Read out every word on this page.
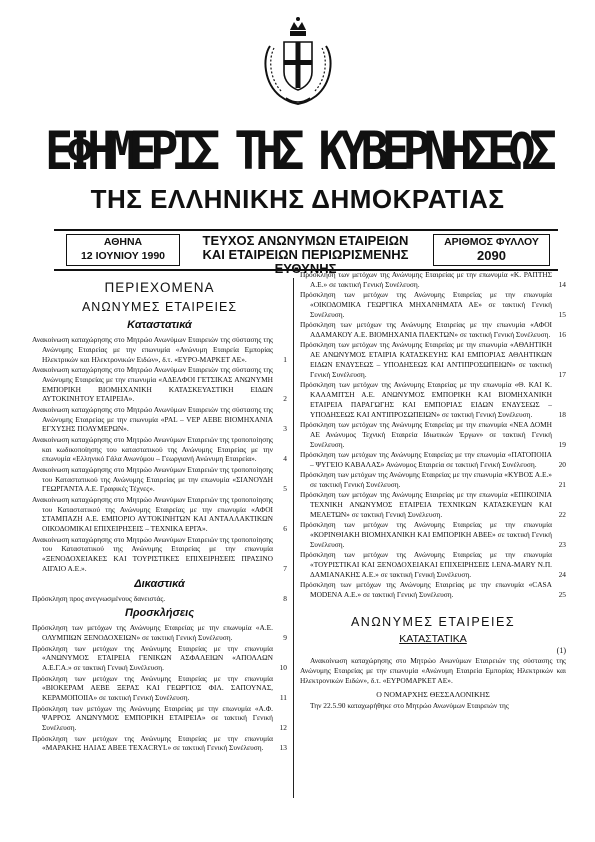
ΕΦΗΜΕΡΙΣ ΤΗΣ ΚΥΒΕΡΝΗΣΕΩΣ
ΤΗΣ ΕΛΛΗΝΙΚΗΣ ΔΗΜΟΚΡΑΤΙΑΣ
ΑΘΗΝΑ
12 ΙΟΥΝΙΟΥ 1990
ΤΕΥΧΟΣ ΑΝΩΝΥΜΩΝ ΕΤΑΙΡΕΙΩΝ
ΚΑΙ ΕΤΑΙΡΕΙΩΝ ΠΕΡΙΩΡΙΣΜΕΝΗΣ ΕΥΘΥΝΗΣ
ΑΡΙΘΜΟΣ ΦΥΛΛΟΥ
2090
ΠΕΡΙΕΧΟΜΕΝΑ
ΑΝΩΝΥΜΕΣ ΕΤΑΙΡΕΙΕΣ
Καταστατικά
Ανακοίνωση καταχώρησης στο Μητρώο Ανωνύμων Εταιρειών της σύστασης της Ανώνυμης Εταιρείας με την επωνυμία «Ανώνυμη Εταιρεία Εμπορίας Ηλεκτρικών και Ηλεκτρονικών Ειδών», δ.τ. «ΕΥΡΟ-ΜΑΡΚΕΤ ΑΕ».	1
Ανακοίνωση καταχώρησης στο Μητρώο Ανωνύμων Εταιρειών της σύστασης της Ανώνυμης Εταιρείας με την επωνυμία «ΑΔΕΛΦΟΙ ΓΕΤΣΙΚΑΣ ΑΝΩΝΥΜΗ ΕΜΠΟΡΙΚΗ ΒΙΟΜΗΧΑΝΙΚΗ ΚΑΤΑΣΚΕΥΑΣΤΙΚΗ ΕΙΔΩΝ ΑΥΤΟΚΙΝΗΤΟΥ ΕΤΑΙΡΕΙΑ».	2
Ανακοίνωση καταχώρησης στο Μητρώο Ανωνύμων Εταιρειών της σύστασης της Ανώνυμης Εταιρείας με την επωνυμία «PAL – VEP ΑΕΒΕ ΒΙΟΜΗΧΑΝΙΑ ΕΓΧΥΣΗΣ ΠΟΛΥΜΕΡΩΝ».	3
Ανακοίνωση καταχώρησης στο Μητρώο Ανωνύμων Εταιρειών της τροποποίησης και κωδικοποίησης του καταστατικού της Ανώνυμης Εταιρείας με την επωνυμία «Ελληνικό Γάλα Ανωνύμου – Γεωργιανή Ανώνυμη Εταιρεία».	4
Ανακοίνωση καταχώρησης στο Μητρώο Ανωνύμων Εταιρειών της τροποποίησης του Καταστατικού της Ανώνυμης Εταιρείας με την επωνυμία «ΣΙΑΝΟΥΔΗ ΓΕΩΡΓΑΝΤΑ Α.Ε. Γραφικές Τέχνες».	5
Ανακοίνωση καταχώρησης στο Μητρώο Ανωνύμων Εταιρειών της τροποποίησης του Καταστατικού της Ανώνυμης Εταιρείας με την επωνυμία «ΑΦΟΙ ΣΤΑΜΠΑΖΗ Α.Ε. ΕΜΠΟΡΙΟ ΑΥΤΟΚΙΝΗΤΩΝ ΚΑΙ ΑΝΤΑΛΛΑΚΤΙΚΩΝ ΟΙΚΟΔΟΜΙΚΑΙ ΕΠΙΧΕΙΡΗΣΕΙΣ – ΤΕΧΝΙΚΑ ΕΡΓΑ».	6
Ανακοίνωση καταχώρησης στο Μητρώο Ανωνύμων Εταιρειών της τροποποίησης του Καταστατικού της Ανώνυμης Εταιρείας με την επωνυμία «ΞΕΝΟΔΟΧΕΙΑΚΕΣ ΚΑΙ ΤΟΥΡΙΣΤΙΚΕΣ ΕΠΙΧΕΙΡΗΣΕΙΣ ΠΡΑΣΙΝΟ ΑΙΓΑΙΟ Α.Ε.».	7
Δικαστικά
Πρόσκληση προς ανεγνωσμένους δανειστάς.	8
Προσκλήσεις
Πρόσκληση των μετόχων της Ανώνυμης Εταιρείας με την επωνυμία «Α.Ε. ΟΛΥΜΠΙΩΝ ΞΕΝΟΔΟΧΕΙΩΝ» σε τακτική Γενική Συνέλευση.	9
Πρόσκληση των μετόχων της Ανώνυμης Εταιρείας με την επωνυμία «ΑΝΩΝΥΜΟΣ ΕΤΑΙΡΕΙΑ ΓΕΝΙΚΩΝ ΑΣΦΑΛΕΙΩΝ «ΑΠΟΛΛΩΝ Α.Ε.Γ.Α.» σε τακτική Γενική Συνέλευση.	10
Πρόσκληση των μετόχων της Ανώνυμης Εταιρείας με την επωνυμία «ΒΙΟΚΕΡΑΜ ΑΕΒΕ ΞΕΡΑΣ ΚΑΙ ΓΕΩΡΓΙΟΣ ΦΙΛ. ΣΑΠΟΥΝΑΣ, ΚΕΡΑΜΟΠΟΙΙΑ» σε τακτική Γενική Συνέλευση.	11
Πρόσκληση των μετόχων της Ανώνυμης Εταιρείας με την επωνυμία «Α.Φ. ΨΑΡΡΟΣ ΑΝΩΝΥΜΟΣ ΕΜΠΟΡΙΚΗ ΕΤΑΙΡΕΙΑ» σε τακτική Γενική Συνέλευση.	12
Πρόσκληση των μετόχων της Ανώνυμης Εταιρείας με την επωνυμία «ΜΑΡΑΚΗΣ ΗΛΙΑΣ ΑΒΕΕ ΤΕΧΑCRYL» σε τακτική Γενική Συνέλευση.	13
Πρόσκληση των μετόχων της Ανώνυμης Εταιρείας με την επωνυμία «Κ. ΡΑΠΤΗΣ Α.Ε.» σε τακτική Γενική Συνέλευση.	14
Πρόσκληση των μετόχων της Ανώνυμης Εταιρείας με την επωνυμία «ΟΙΚΟΔΟΜΙΚΑ ΓΕΩΡΓΙΚΑ ΜΗΧΑΝΗΜΑΤΑ ΑΕ» σε τακτική Γενική Συνέλευση.	15
Πρόσκληση των μετόχων της Ανώνυμης Εταιρείας με την επωνυμία «ΑΦΟΙ ΑΔΑΜΑΚΟΥ Α.Ε. ΒΙΟΜΗΧΑΝΙΑ ΠΛΕΚΤΩΝ» σε τακτική Γενική Συνέλευση.	16
Πρόσκληση των μετόχων της Ανώνυμης Εταιρείας με την επωνυμία «ΑΘΛΗΤΙΚΗ ΑΕ ΑΝΩΝΥΜΟΣ ΕΤΑΙΡΙΑ ΚΑΤΑΣΚΕΥΗΣ ΚΑΙ ΕΜΠΟΡΙΑΣ ΑΘΛΗΤΙΚΩΝ ΕΙΔΩΝ ΕΝΔΥΣΕΩΣ – ΥΠΟΔΗΣΕΩΣ ΚΑΙ ΑΝΤΙΠΡΟΣΩΠΕΙΩΝ» σε τακτική Γενική Συνέλευση.	17
Πρόσκληση των μετόχων της Ανώνυμης Εταιρείας με την επωνυμία «Θ. ΚΑΙ Κ. ΚΑΛΑΜΙΤΣΗ Α.Ε. ΑΝΩΝΥΜΟΣ ΕΜΠΟΡΙΚΗ ΚΑΙ ΒΙΟΜΗΧΑΝΙΚΗ ΕΤΑΙΡΕΙΑ ΠΑΡΑΓΩΓΗΣ ΚΑΙ ΕΜΠΟΡΙΑΣ ΕΙΔΩΝ ΕΝΔΥΣΕΩΣ – ΥΠΟΔΗΣΕΩΣ ΚΑΙ ΑΝΤΙΠΡΟΣΩΠΕΙΩΝ» σε τακτική Γενική Συνέλευση.	18
Πρόσκληση των μετόχων της Ανώνυμης Εταιρείας με την επωνυμία «ΝΕΑ ΔΟΜΗ ΑΕ Ανώνυμος Τεχνική Εταιρεία Ιδιωτικών Έργων» σε τακτική Γενική Συνέλευση.	19
Πρόσκληση των μετόχων της Ανώνυμης Εταιρείας με την επωνυμία «ΠΑΤΟΠΟΙΙΑ – ΨΥΓΕΙΟ ΚΑΒΑΛΑΣ» Ανώνυμος Εταιρεία σε τακτική Γενική Συνέλευση.	20
Πρόσκληση των μετόχων της Ανώνυμης Εταιρείας με την επωνυμία «ΚΥΒΟΣ Α.Ε.» σε τακτική Γενική Συνέλευση.	21
Πρόσκληση των μετόχων της Ανώνυμης Εταιρείας με την επωνυμία «ΕΠΙΚΟΙΝΙΑ ΤΕΧΝΙΚΗ ΑΝΩΝΥΜΟΣ ΕΤΑΙΡΕΙΑ ΤΕΧΝΙΚΩΝ ΚΑΤΑΣΚΕΥΩΝ ΚΑΙ ΜΕΛΕΤΩΝ» σε τακτική Γενική Συνέλευση.	22
Πρόσκληση των μετόχων της Ανώνυμης Εταιρείας με την επωνυμία «ΚΟΡΙΝΘΙΑΚΗ ΒΙΟΜΗΧΑΝΙΚΗ ΚΑΙ ΕΜΠΟΡΙΚΗ ΑΒΕΕ» σε τακτική Γενική Συνέλευση.	23
Πρόσκληση των μετόχων της Ανώνυμης Εταιρείας με την επωνυμία «ΤΟΥΡΙΣΤΙΚΑΙ ΚΑΙ ΞΕΝΟΔΟΧΕΙΑΚΑΙ ΕΠΙΧΕΙΡΗΣΕΙΣ LENA-MARY Ν.Π. ΔΑΜΙΑΝΑΚΗΣ Α.Ε.» σε τακτική Γενική Συνέλευση.	24
Πρόσκληση των μετόχων της Ανώνυμης Εταιρείας με την επωνυμία «CASA MODENA Α.Ε.» σε τακτική Γενική Συνέλευση.	25
ΑΝΩΝΥΜΕΣ ΕΤΑΙΡΕΙΕΣ
ΚΑΤΑΣΤΑΤΙΚΑ
(1)
Ανακοίνωση καταχώρησης στο Μητρώο Ανωνύμων Εταιρειών της σύστασης της Ανώνυμης Εταιρείας με την επωνυμία «Ανώνυμη Εταιρεία Εμπορίας Ηλεκτρικών και Ηλεκτρονικών Ειδών», δ.τ. «ΕΥΡΟΜΑΡΚΕΤ ΑΕ».
Ο ΝΟΜΑΡΧΗΣ ΘΕΣΣΑΛΟΝΙΚΗΣ
Την 22.5.90 καταχωρήθηκε στο Μητρώο Ανωνύμων Εταιρειών της
